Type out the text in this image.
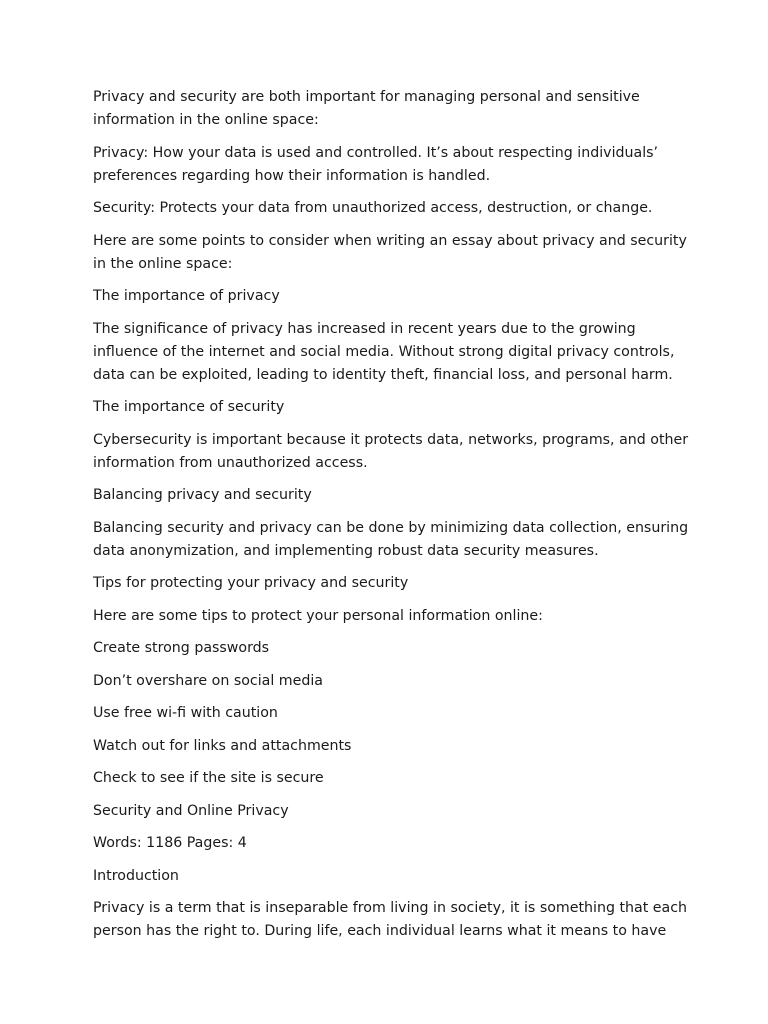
Privacy and security are both important for managing personal and sensitive information in the online space:

Privacy: How your data is used and controlled. It’s about respecting individuals’ preferences regarding how their information is handled.

Security: Protects your data from unauthorized access, destruction, or change.

Here are some points to consider when writing an essay about privacy and security in the online space:

The importance of privacy

The significance of privacy has increased in recent years due to the growing influence of the internet and social media. Without strong digital privacy controls, data can be exploited, leading to identity theft, financial loss, and personal harm.

The importance of security

Cybersecurity is important because it protects data, networks, programs, and other information from unauthorized access.

Balancing privacy and security

Balancing security and privacy can be done by minimizing data collection, ensuring data anonymization, and implementing robust data security measures.

Tips for protecting your privacy and security

Here are some tips to protect your personal information online:

Create strong passwords

Don’t overshare on social media

Use free wi-fi with caution

Watch out for links and attachments

Check to see if the site is secure

Security and Online Privacy

Words: 1186 Pages: 4

Introduction

Privacy is a term that is inseparable from living in society, it is something that each person has the right to. During life, each individual learns what it means to have
